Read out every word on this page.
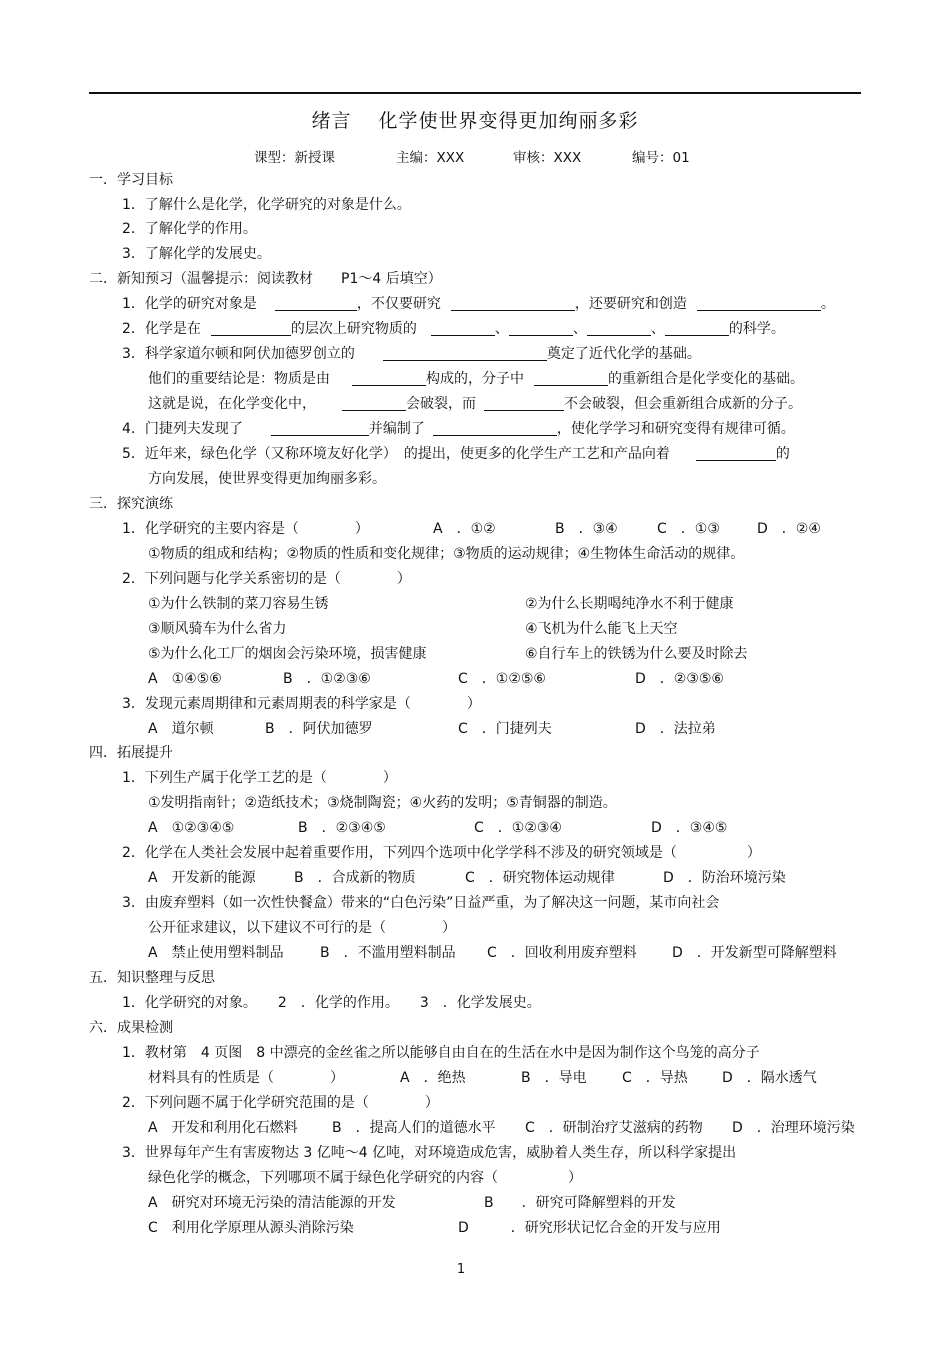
绪言　 化学使世界变得更加绚丽多彩
课型：新授课	主编：XXX	审核：XXX	编号：01
一．学习目标
1．了解什么是化学，化学研究的对象是什么。
2．了解化学的作用。
3．了解化学的发展史。
二．新知预习（温馨提示：阅读教材　　P1～4 后填空）
1．化学的研究对象是	，不仅要研究	，还要研究和创造	。
2．化学是在	的层次上研究物质的	、	、	、	的科学。
3．科学家道尔顿和阿伏加德罗创立的	奠定了近代化学的基础。
他们的重要结论是：物质是由	构成的，分子中	的重新组合是化学变化的基础。
这就是说，在化学变化中，	会破裂，而	不会破裂，但会重新组合成新的分子。
4．门捷列夫发现了	并编制了	，使化学学习和研究变得有规律可循。
5．近年来，绿色化学（又称环境友好化学）　的提出，使更多的化学生产工艺和产品向着	的
方向发展，使世界变得更加绚丽多彩。
三．探究演练
1．化学研究的主要内容是（　　　　）	A　．①②	B　．③④	C　．①③	D　．②④
①物质的组成和结构；②物质的性质和变化规律；③物质的运动规律；④生物体生命活动的规律。
2．下列问题与化学关系密切的是（　　　　）
①为什么铁制的菜刀容易生锈	②为什么长期喝纯净水不利于健康
③顺风骑车为什么省力	④飞机为什么能飞上天空
⑤为什么化工厂的烟囱会污染环境，损害健康	⑥自行车上的铁锈为什么要及时除去
A　①④⑤⑥	B　．①②③⑥	C　．①②⑤⑥	D　．②③⑤⑥
3．发现元素周期律和元素周期表的科学家是（　　　　）
A　道尔顿	B　．阿伏加德罗	C　．门捷列夫	D　．法拉弟
四．拓展提升
1．下列生产属于化学工艺的是（　　　　）
①发明指南针；②造纸技术；③烧制陶瓷；④火药的发明；⑤青铜器的制造。
A　①②③④⑤	B　．②③④⑤	C　．①②③④	D　．③④⑤
2．化学在人类社会发展中起着重要作用，下列四个选项中化学学科不涉及的研究领域是（　　　　　）
A　开发新的能源	B　．合成新的物质	C　．研究物体运动规律	D　．防治环境污染
3．由废弃塑料（如一次性快餐盒）带来的“白色污染”日益严重，为了解决这一问题，某市向社会
公开征求建议，以下建议不可行的是（　　　　）
A　禁止使用塑料制品	B　．不滥用塑料制品 C　．回收利用废弃塑料	D　．开发新型可降解塑料
五．知识整理与反思
1．化学研究的对象。　　2　．化学的作用。　　3　．化学发展史。
六．成果检测
1．教材第　4 页图　8 中漂亮的金丝雀之所以能够自由自在的生活在水中是因为制作这个鸟笼的高分子
材料具有的性质是（　　　　）	A　．绝热	B　．导电	C　．导热 D　．隔水透气
2．下列问题不属于化学研究范围的是（　　　　）
A　开发和利用化石燃料 B　．提高人们的道德水平 C　．研制治疗艾滋病的药物 D　．治理环境污染
3．世界每年产生有害废物达 3 亿吨～4 亿吨，对环境造成危害，威胁着人类生存，所以科学家提出
绿色化学的概念，下列哪项不属于绿色化学研究的内容（　　　　　）
A　研究对环境无污染的清洁能源的开发	B　　．研究可降解塑料的开发
C　利用化学原理从源头消除污染	D　　　．研究形状记忆合金的开发与应用
1
